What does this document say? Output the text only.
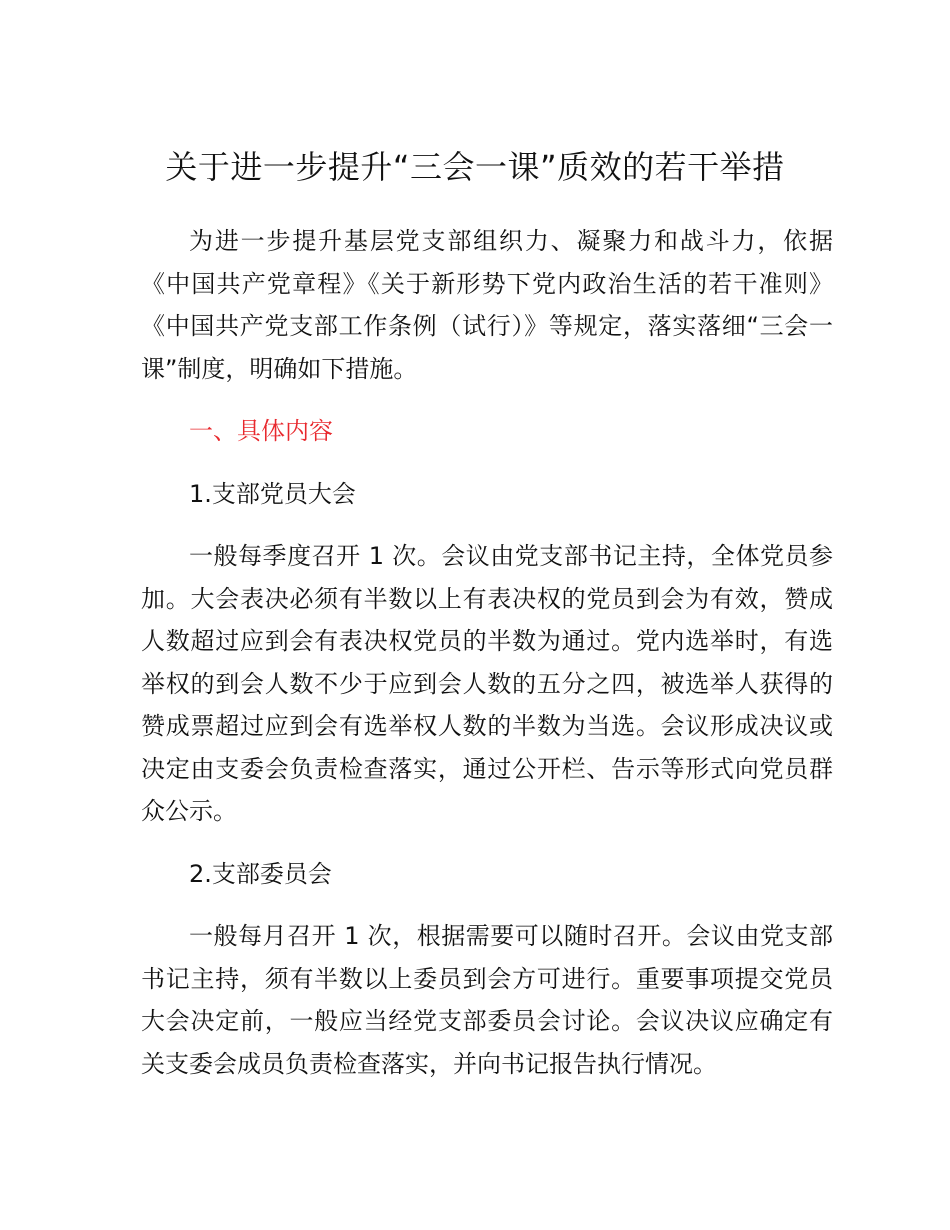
关于进一步提升“三会一课”质效的若干举措

为进一步提升基层党支部组织力、凝聚力和战斗力，依据《中国共产党章程》《关于新形势下党内政治生活的若干准则》《中国共产党支部工作条例（试行）》等规定，落实落细“三会一课”制度，明确如下措施。

一、具体内容
1.支部党员大会

一般每季度召开 1 次。会议由党支部书记主持，全体党员参加。大会表决必须有半数以上有表决权的党员到会为有效，赞成人数超过应到会有表决权党员的半数为通过。党内选举时，有选举权的到会人数不少于应到会人数的五分之四，被选举人获得的赞成票超过应到会有选举权人数的半数为当选。会议形成决议或决定由支委会负责检查落实，通过公开栏、告示等形式向党员群众公示。

2.支部委员会

一般每月召开 1 次，根据需要可以随时召开。会议由党支部书记主持，须有半数以上委员到会方可进行。重要事项提交党员大会决定前，一般应当经党支部委员会讨论。会议决议应确定有关支委会成员负责检查落实，并向书记报告执行情况。
